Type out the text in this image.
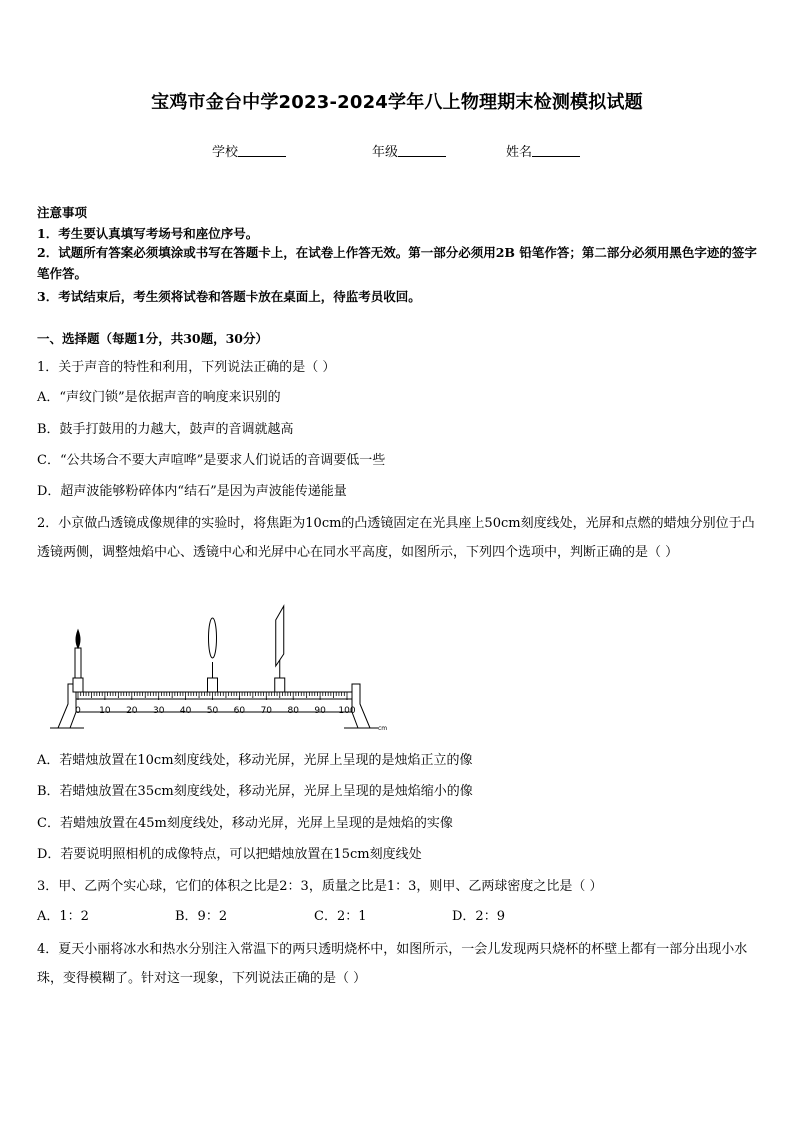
宝鸡市金台中学2023-2024学年八上物理期末检测模拟试题
学校	年级	姓名
注意事项
1．考生要认真填写考场号和座位序号。
2．试题所有答案必须填涂或书写在答题卡上，在试卷上作答无效。第一部分必须用2B 铅笔作答；第二部分必须用黑色字迹的签字笔作答。
3．考试结束后，考生须将试卷和答题卡放在桌面上，待监考员收回。
一、选择题（每题1分，共30题，30分）
1．关于声音的特性和利用，下列说法正确的是（ ）
A．“声纹门锁”是依据声音的响度来识别的
B．鼓手打鼓用的力越大，鼓声的音调就越高
C．“公共场合不要大声喧哗”是要求人们说话的音调要低一些
D．超声波能够粉碎体内“结石”是因为声波能传递能量
2．小京做凸透镜成像规律的实验时，将焦距为10cm的凸透镜固定在光具座上50cm刻度线处，光屏和点燃的蜡烛分别位于凸透镜两侧，调整烛焰中心、透镜中心和光屏中心在同水平高度，如图所示，下列四个选项中，判断正确的是（ ）
0 10 20 30 40 50 60 70 80 90 100
cm
A．若蜡烛放置在10cm刻度线处，移动光屏，光屏上呈现的是烛焰正立的像
B．若蜡烛放置在35cm刻度线处，移动光屏，光屏上呈现的是烛焰缩小的像
C．若蜡烛放置在45m刻度线处，移动光屏，光屏上呈现的是烛焰的实像
D．若要说明照相机的成像特点，可以把蜡烛放置在15cm刻度线处
3．甲、乙两个实心球，它们的体积之比是2：3，质量之比是1：3，则甲、乙两球密度之比是（ ）
A．1：2	B．9：2	C．2：1	D．2：9
4．夏天小丽将冰水和热水分别注入常温下的两只透明烧杯中，如图所示，一会儿发现两只烧杯的杯壁上都有一部分出现小水珠，变得模糊了。针对这一现象，下列说法正确的是（ ）
